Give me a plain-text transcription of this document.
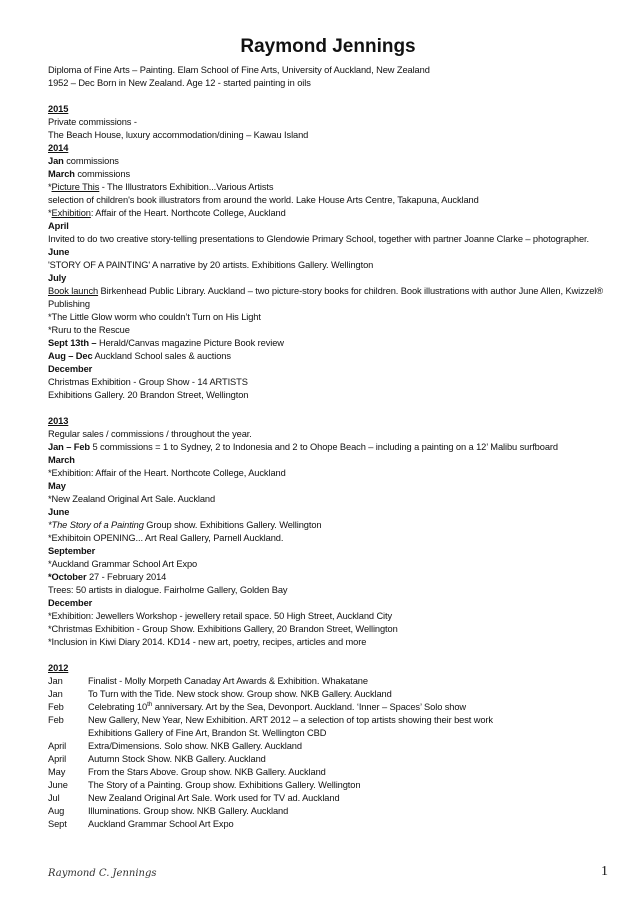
Raymond Jennings
Diploma of Fine Arts – Painting. Elam School of Fine Arts, University of Auckland, New Zealand
1952 – Dec Born in New Zealand. Age 12 - started painting in oils
2015
Private commissions -
The Beach House, luxury accommodation/dining – Kawau Island
2014
Jan commissions
March commissions
*Picture This - The Illustrators Exhibition...Various Artists
selection of children's book illustrators from around the world. Lake House Arts Centre, Takapuna, Auckland
*Exhibition: Affair of the Heart. Northcote College, Auckland
April
Invited to do two creative story-telling presentations to Glendowie Primary School, together with partner Joanne Clarke – photographer.
June
'STORY OF A PAINTING' A narrative by 20 artists. Exhibitions Gallery. Wellington
July
Book launch Birkenhead Public Library. Auckland – two picture-story books for children. Book illustrations with author June Allen, Kwizzel® Publishing
*The Little Glow worm who couldn’t Turn on His Light
*Ruru to the Rescue
Sept 13th – Herald/Canvas magazine Picture Book review
Aug – Dec Auckland School sales & auctions
December
Christmas Exhibition - Group Show - 14 ARTISTS
Exhibitions Gallery. 20 Brandon Street, Wellington
2013
Regular sales / commissions / throughout the year.
Jan – Feb 5 commissions = 1 to Sydney, 2 to Indonesia and 2 to Ohope Beach – including a painting on a 12’ Malibu surfboard
March
*Exhibition: Affair of the Heart. Northcote College, Auckland
May
*New Zealand Original Art Sale. Auckland
June
*The Story of a Painting Group show. Exhibitions Gallery. Wellington
*Exhibitoin OPENING... Art Real Gallery, Parnell Auckland.
September
*Auckland Grammar School Art Expo
*October 27 - February 2014
Trees: 50 artists in dialogue. Fairholme Gallery, Golden Bay
December
*Exhibition: Jewellers Workshop - jewellery retail space. 50 High Street, Auckland City
*Christmas Exhibition - Group Show. Exhibitions Gallery, 20 Brandon Street, Wellington
*Inclusion in Kiwi Diary 2014. KD14 - new art, poetry, recipes, articles and more
2012
Jan	Finalist - Molly Morpeth Canaday Art Awards & Exhibition. Whakatane
Jan	To Turn with the Tide. New stock show. Group show. NKB Gallery. Auckland
Feb	Celebrating 10th anniversary. Art by the Sea, Devonport. Auckland. ‘Inner – Spaces’ Solo show
Feb	New Gallery, New Year, New Exhibition. ART 2012 – a selection of top artists showing their best work
Exhibitions Gallery of Fine Art, Brandon St. Wellington CBD
April	Extra/Dimensions. Solo show. NKB Gallery. Auckland
April	Autumn Stock Show. NKB Gallery. Auckland
May	From the Stars Above. Group show. NKB Gallery. Auckland
June	The Story of a Painting. Group show. Exhibitions Gallery. Wellington
Jul	New Zealand Original Art Sale. Work used for TV ad. Auckland
Aug	Illuminations. Group show. NKB Gallery. Auckland
Sept	Auckland Grammar School Art Expo
Raymond C. Jennings	1
